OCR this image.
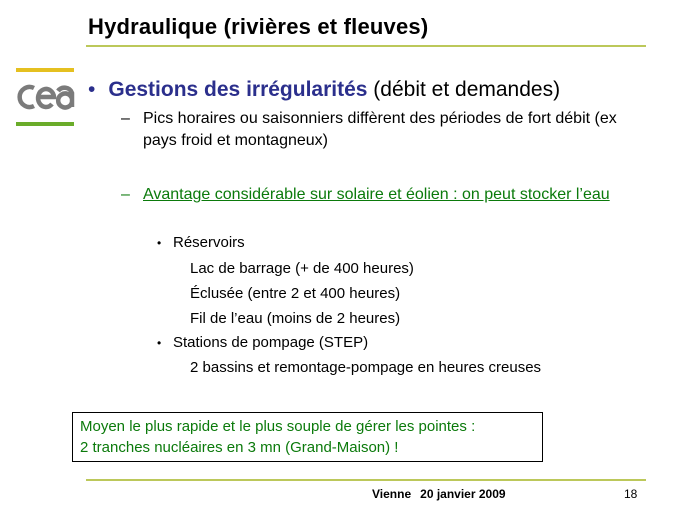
Hydraulique (rivières et fleuves)
• Gestions des irrégularités (débit et demandes)
– Pics horaires ou saisonniers diffèrent des périodes de fort débit (ex pays froid et montagneux)
– Avantage considérable sur solaire et éolien : on peut stocker l’eau
• Réservoirs
Lac de barrage (+ de 400 heures)
Éclusée (entre 2 et 400 heures)
Fil de l’eau (moins de 2 heures)
• Stations de pompage (STEP)
2 bassins et remontage-pompage en heures creuses
Moyen le plus rapide et le plus souple de gérer les pointes :
2 tranches nucléaires en 3 mn (Grand-Maison) !
Vienne 20 janvier 2009	18
